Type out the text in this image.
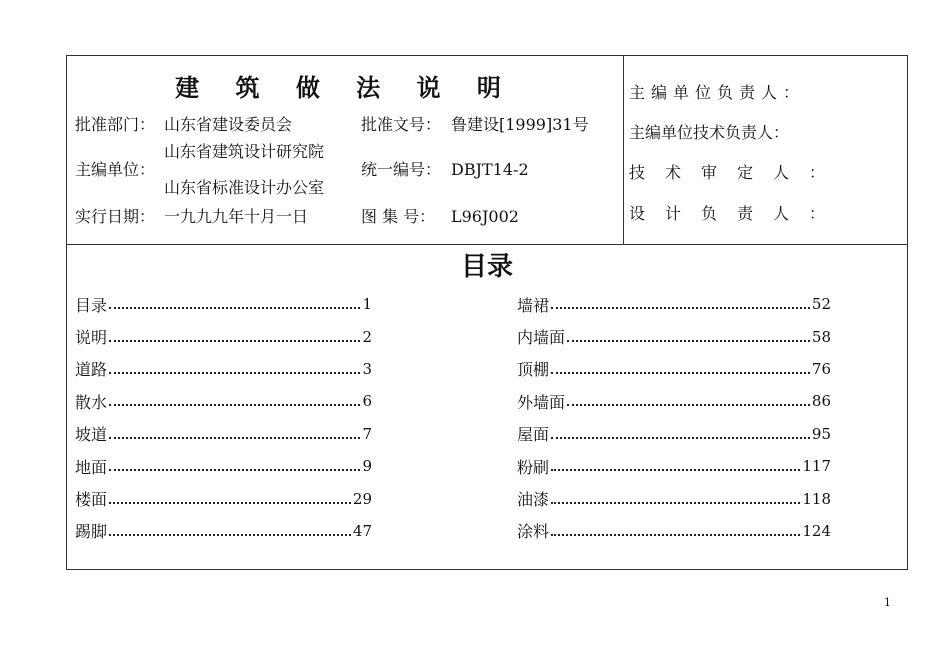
建 筑 做 法 说 明
批准部门： 山东省建设委员会	批准文号： 鲁建设[1999]31号
主编单位：
山东省建筑设计研究院
山东省标准设计办公室
统一编号： DBJT14-2
实行日期： 一九九九年十月一日	图 集 号： L96J002
主编单位负责人：
主编单位技术负责人：
技术审定人：
设计负责人：
目录
目录	1
说明	2
道路	3
散水	6
坡道	7
地面	9
楼面	29
踢脚	47
墙裙	52
内墙面	58
顶棚	76
外墙面	86
屋面	95
粉刷	117
油漆	118
涂料	124
1
